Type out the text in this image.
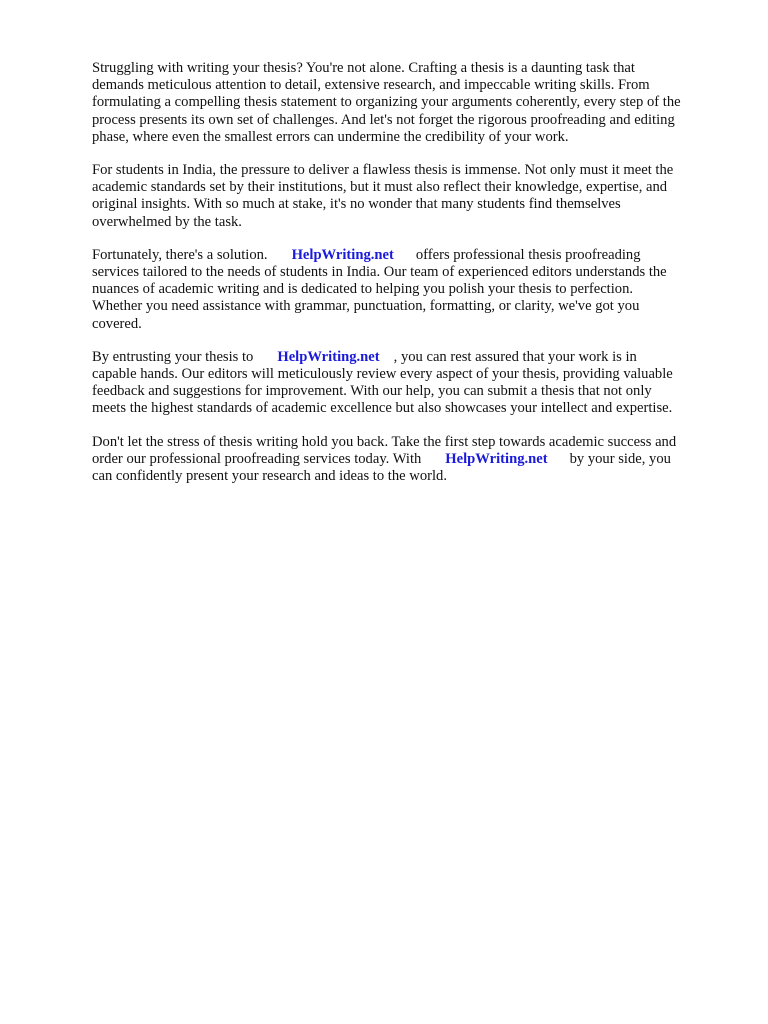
Struggling with writing your thesis? You're not alone. Crafting a thesis is a daunting task that
demands meticulous attention to detail, extensive research, and impeccable writing skills. From
formulating a compelling thesis statement to organizing your arguments coherently, every step of the
process presents its own set of challenges. And let's not forget the rigorous proofreading and editing
phase, where even the smallest errors can undermine the credibility of your work.

For students in India, the pressure to deliver a flawless thesis is immense. Not only must it meet the
academic standards set by their institutions, but it must also reflect their knowledge, expertise, and
original insights. With so much at stake, it's no wonder that many students find themselves
overwhelmed by the task.

Fortunately, there's a solution. HelpWriting.net offers professional thesis proofreading
services tailored to the needs of students in India. Our team of experienced editors understands the
nuances of academic writing and is dedicated to helping you polish your thesis to perfection.
Whether you need assistance with grammar, punctuation, formatting, or clarity, we've got you
covered.

By entrusting your thesis to HelpWriting.net , you can rest assured that your work is in
capable hands. Our editors will meticulously review every aspect of your thesis, providing valuable
feedback and suggestions for improvement. With our help, you can submit a thesis that not only
meets the highest standards of academic excellence but also showcases your intellect and expertise.

Don't let the stress of thesis writing hold you back. Take the first step towards academic success and
order our professional proofreading services today. With HelpWriting.net by your side, you
can confidently present your research and ideas to the world.
